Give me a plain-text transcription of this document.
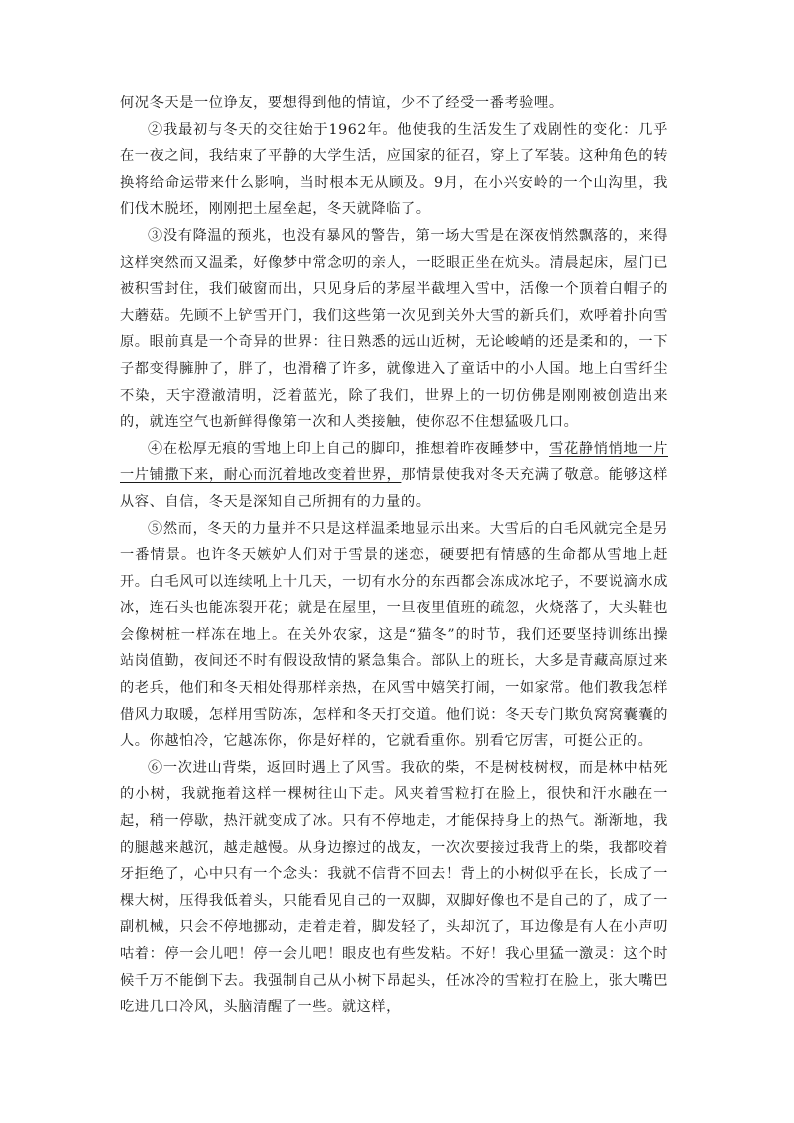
何况冬天是一位诤友，要想得到他的情谊，少不了经受一番考验哩。

②我最初与冬天的交往始于1962年。他使我的生活发生了戏剧性的变化：几乎在一夜之间，我结束了平静的大学生活，应国家的征召，穿上了军装。这种角色的转换将给命运带来什么影响，当时根本无从顾及。9月，在小兴安岭的一个山沟里，我们伐木脱坯，刚刚把土屋垒起，冬天就降临了。

③没有降温的预兆，也没有暴风的警告，第一场大雪是在深夜悄然飘落的，来得这样突然而又温柔，好像梦中常念叨的亲人，一眨眼正坐在炕头。清晨起床，屋门已被积雪封住，我们破窗而出，只见身后的茅屋半截埋入雪中，活像一个顶着白帽子的大蘑菇。先顾不上铲雪开门，我们这些第一次见到关外大雪的新兵们，欢呼着扑向雪原。眼前真是一个奇异的世界：往日熟悉的远山近树，无论峻峭的还是柔和的，一下子都变得臃肿了，胖了，也滑稽了许多，就像进入了童话中的小人国。地上白雪纤尘不染，天宇澄澈清明，泛着蓝光，除了我们，世界上的一切仿佛是刚刚被创造出来的，就连空气也新鲜得像第一次和人类接触，使你忍不住想猛吸几口。

④在松厚无痕的雪地上印上自己的脚印，推想着昨夜睡梦中，雪花静悄悄地一片一片铺撒下来，耐心而沉着地改变着世界，那情景使我对冬天充满了敬意。能够这样从容、自信，冬天是深知自己所拥有的力量的。

⑤然而，冬天的力量并不只是这样温柔地显示出来。大雪后的白毛风就完全是另一番情景。也许冬天嫉妒人们对于雪景的迷恋，硬要把有情感的生命都从雪地上赶开。白毛风可以连续吼上十几天，一切有水分的东西都会冻成冰坨子，不要说滴水成冰，连石头也能冻裂开花；就是在屋里，一旦夜里值班的疏忽，火烧落了，大头鞋也会像树桩一样冻在地上。在关外农家，这是“猫冬”的时节，我们还要坚持训练出操站岗值勤，夜间还不时有假设敌情的紧急集合。部队上的班长，大多是青藏高原过来的老兵，他们和冬天相处得那样亲热，在风雪中嬉笑打闹，一如家常。他们教我怎样借风力取暖，怎样用雪防冻，怎样和冬天打交道。他们说：冬天专门欺负窝窝囊囊的人。你越怕冷，它越冻你，你是好样的，它就看重你。别看它厉害，可挺公正的。

⑥一次进山背柴，返回时遇上了风雪。我砍的柴，不是树枝树杈，而是林中枯死的小树，我就拖着这样一棵树往山下走。风夹着雪粒打在脸上，很快和汗水融在一起，稍一停歇，热汗就变成了冰。只有不停地走，才能保持身上的热气。渐渐地，我的腿越来越沉，越走越慢。从身边擦过的战友，一次次要接过我背上的柴，我都咬着牙拒绝了，心中只有一个念头：我就不信背不回去！背上的小树似乎在长，长成了一棵大树，压得我低着头，只能看见自己的一双脚，双脚好像也不是自己的了，成了一副机械，只会不停地挪动，走着走着，脚发轻了，头却沉了，耳边像是有人在小声叨咕着：停一会儿吧！停一会儿吧！眼皮也有些发粘。不好！我心里猛一激灵：这个时候千万不能倒下去。我强制自己从小树下昂起头，任冰冷的雪粒打在脸上，张大嘴巴吃进几口冷风，头脑清醒了一些。就这样，
